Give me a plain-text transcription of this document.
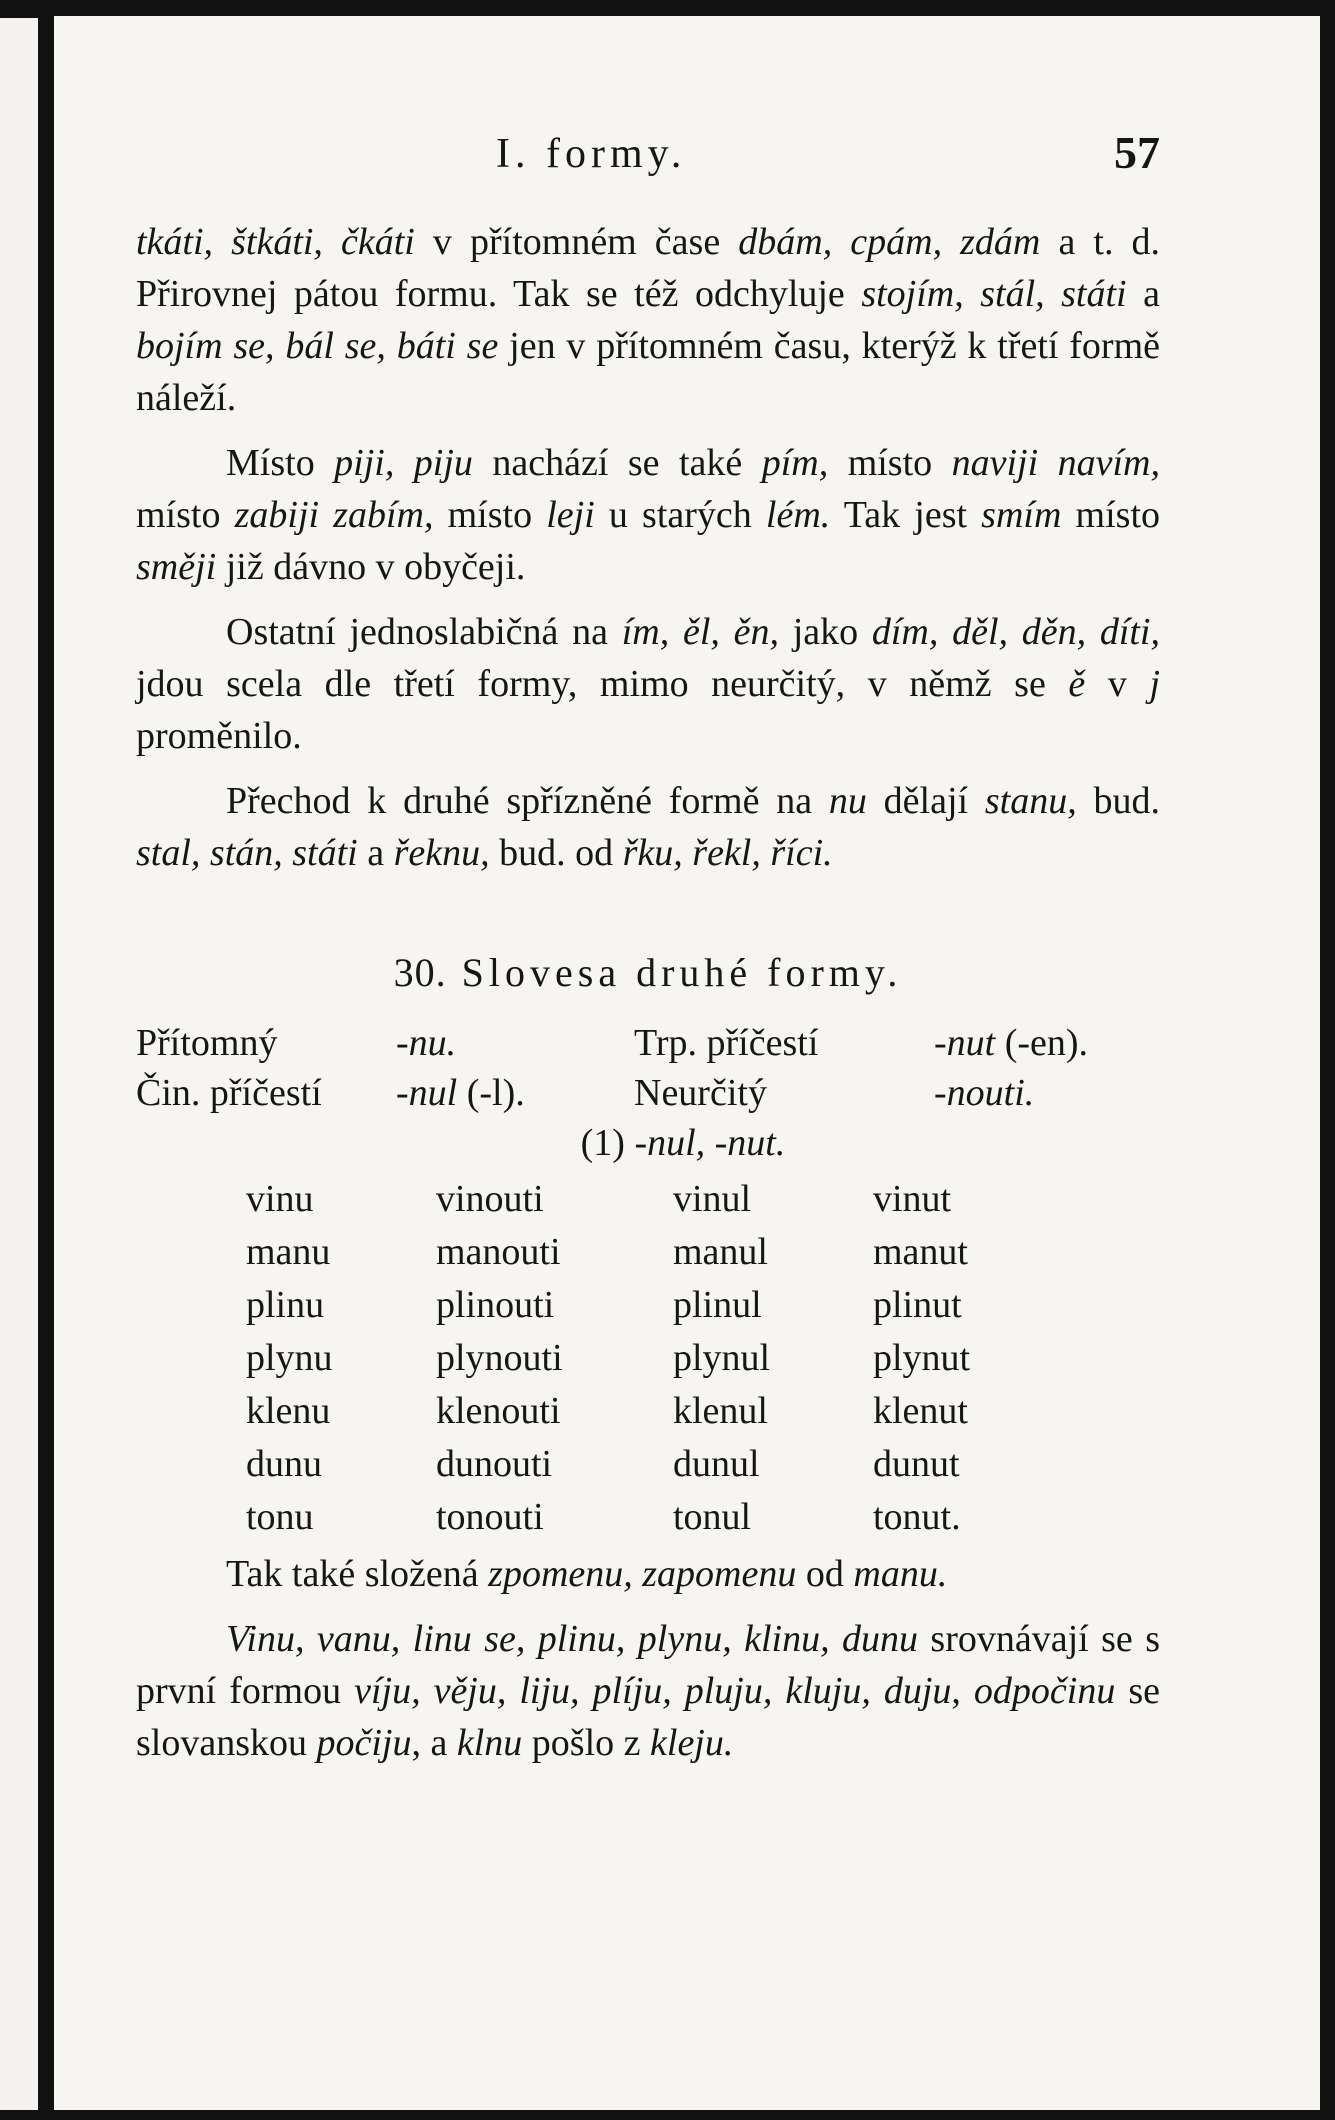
I. formy.	57

tkáti, štkáti, čkáti v přítomném čase dbám, cpám, zdám a t. d. Přirovnej pátou formu. Tak se též odchyluje stojím, stál, státi a bojím se, bál se, báti se jen v přítomném času, kterýž k třetí formě náleží.

Místo piji, piju nachází se také pím, místo naviji navím, místo zabiji zabím, místo leji u starých lém. Tak jest smím místo směji již dávno v obyčeji.

Ostatní jednoslabičná na ím, ěl, ěn, jako dím, děl, děn, díti, jdou scela dle třetí formy, mimo neurčitý, v němž se ě v j proměnilo.

Přechod k druhé spřízněné formě na nu dělají stanu, bud. stal, stán, státi a řeknu, bud. od řku, řekl, říci.

30. Slovesa druhé formy.
Přítomný	-nu.	Trp. příčestí	-nut (-en).
Čin. příčestí	-nul (-l).	Neurčitý	-nouti.
(1)
-nul, -nut.
vinu	vinouti	vinul	vinut
manu	manouti	manul	manut
plinu	plinouti	plinul	plinut
plynu	plynouti	plynul	plynut
klenu	klenouti	klenul	klenut
dunu	dunouti	dunul	dunut
tonu	tonouti	tonul	tonut.

Tak také složená zpomenu, zapomenu od manu.

Vinu, vanu, linu se, plinu, plynu, klinu, dunu srovnávají se s první formou víju, věju, liju, plíju, pluju, kluju, duju, odpočinu se slovanskou počiju, a klnu pošlo z kleju.
